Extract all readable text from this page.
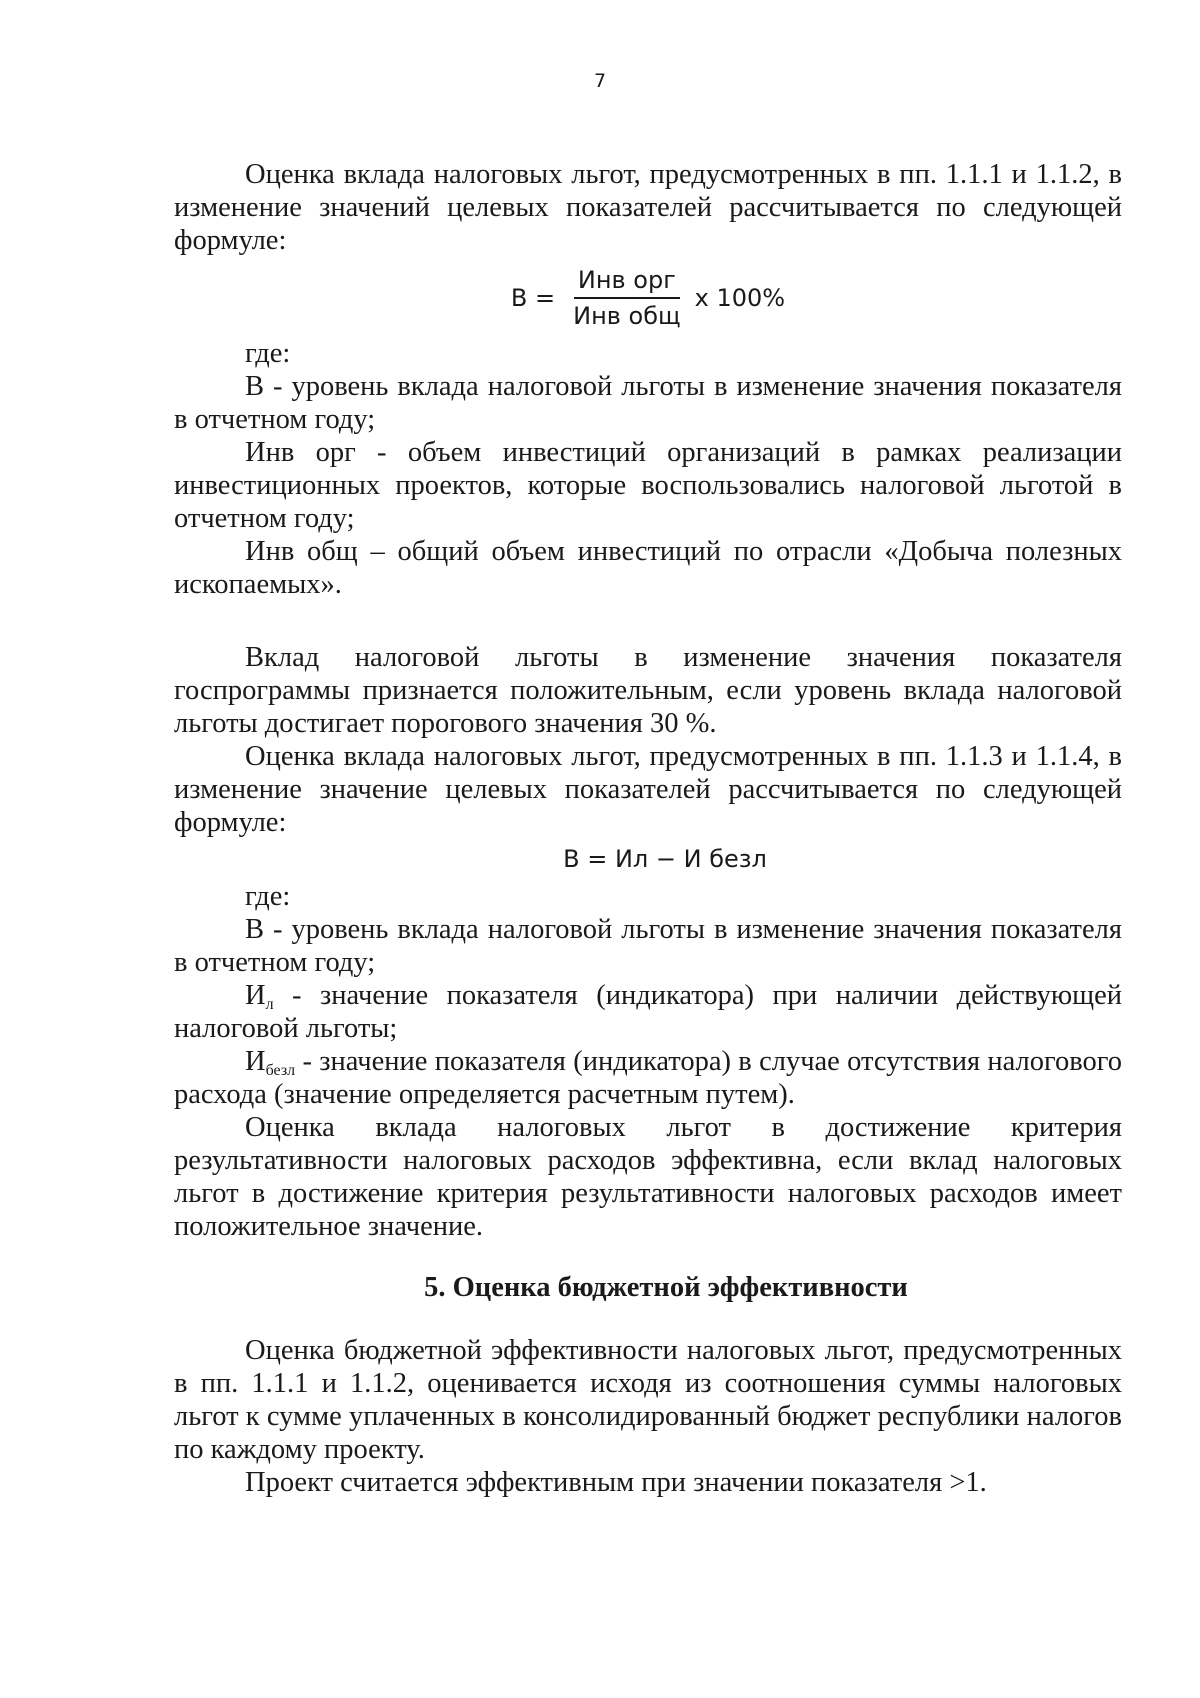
7

Оценка вклада налоговых льгот, предусмотренных в пп. 1.1.1 и 1.1.2, в изменение значений целевых показателей рассчитывается по следующей формуле:

$В = \frac{\text{Инв орг}}{\text{Инв общ}}$ х 100%
где:

В - уровень вклада налоговой льготы в изменение значения показателя в отчетном году;

Инв орг - объем инвестиций организаций в рамках реализации инвестиционных проектов, которые воспользовались налоговой льготой в отчетном году;

Инв общ – общий объем инвестиций по отрасли «Добыча полезных ископаемых».

Вклад налоговой льготы в изменение значения показателя госпрограммы признается положительным, если уровень вклада налоговой льготы достигает порогового значения 30 %.

Оценка вклада налоговых льгот, предусмотренных в пп. 1.1.3 и 1.1.4, в изменение значение целевых показателей рассчитывается по следующей формуле:

В = Ил − И безл
где:

В - уровень вклада налоговой льготы в изменение значения показателя в отчетном году;

$И_л$ - значение показателя (индикатора) при наличии действующей налоговой льготы;

$И_{безл}$ - значение показателя (индикатора) в случае отсутствия налогового расхода (значение определяется расчетным путем).

Оценка вклада налоговых льгот в достижение критерия результативности налоговых расходов эффективна, если вклад налоговых льгот в достижение критерия результативности налоговых расходов имеет положительное значение.

5. Оценка бюджетной эффективности

Оценка бюджетной эффективности налоговых льгот, предусмотренных в пп. 1.1.1 и 1.1.2, оценивается исходя из соотношения суммы налоговых льгот к сумме уплаченных в консолидированный бюджет республики налогов по каждому проекту.

Проект считается эффективным при значении показателя >1.
